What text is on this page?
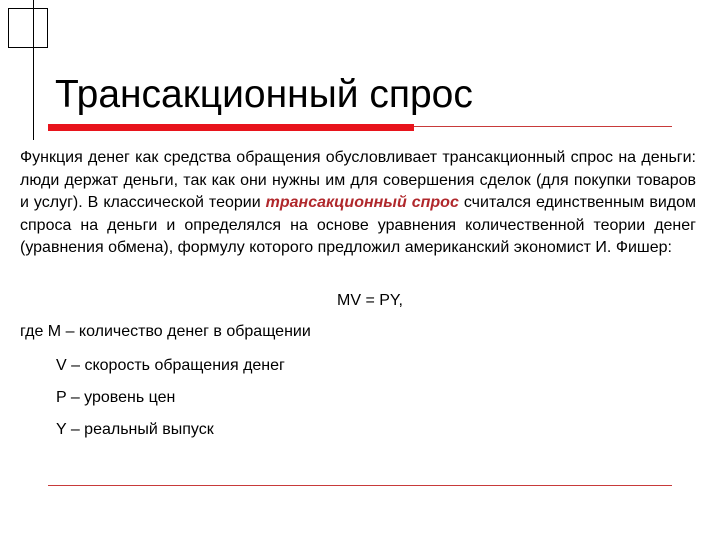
Трансакционный спрос

Функция денег как средства обращения обусловливает трансакционный спрос на деньги: люди держат деньги, так как они нужны им для совершения сделок (для покупки товаров и услуг). В классической теории трансакционный спрос считался единственным видом спроса на деньги и определялся на основе уравнения количественной теории денег (уравнения обмена), формулу которого предложил американский экономист И. Фишер:

MV = PY,
где M – количество денег в обращении
V – скорость обращения денег
P – уровень цен
Y – реальный выпуск
